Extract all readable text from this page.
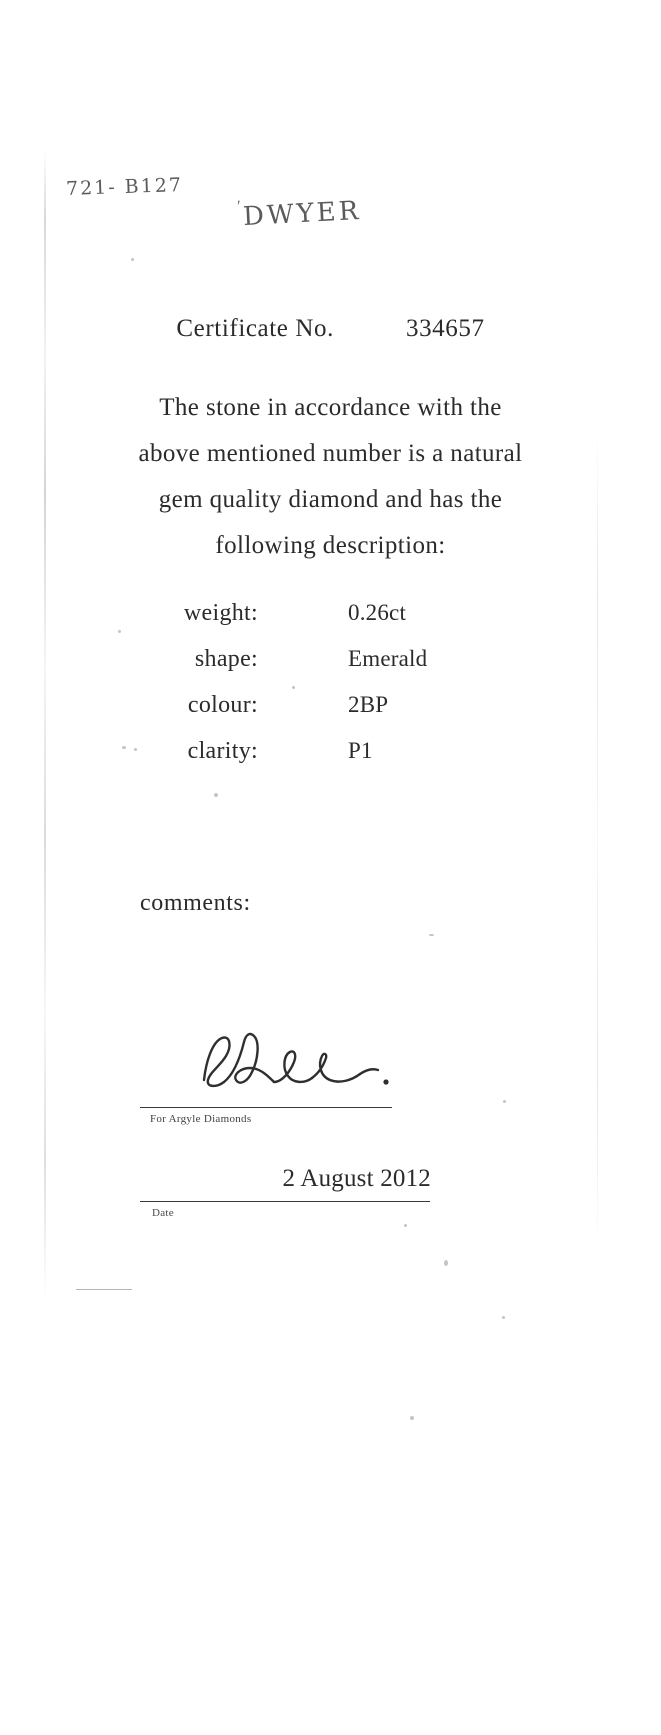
'
721- B127
DWYER
Certificate No.	334657
The stone in accordance with the
above mentioned number is a natural
gem quality diamond and has the
following description:
weight:	0.26ct
shape:	Emerald
colour:	2BP
clarity:	P1
comments:
For Argyle Diamonds
2 August 2012
Date
